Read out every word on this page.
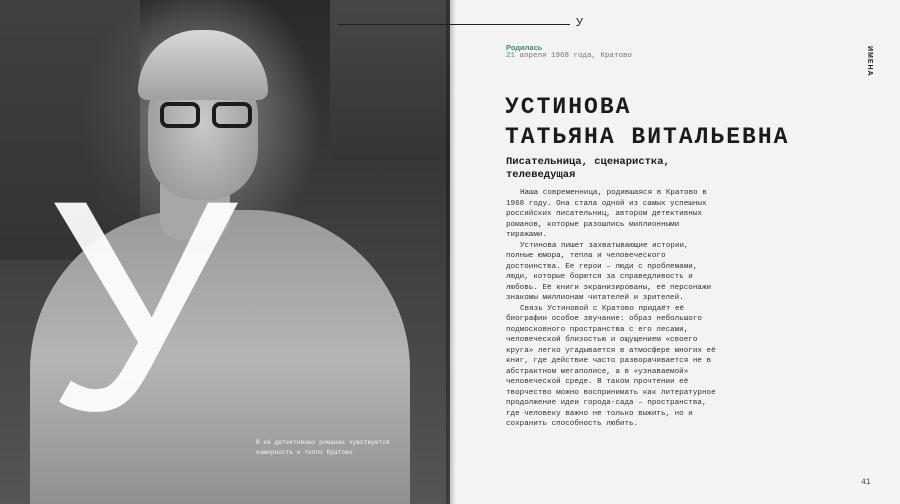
У	В её детективных романах чувствуется камерность и тепло Кратово
У
ИМЕНА
Родилась
21 апреля 1968 года, Кратово
УСТИНОВА
ТАТЬЯНА ВИТАЛЬЕВНА
Писательница, сценаристка, телеведущая

Наша современница, родившаяся в Кратово в 1968 году. Она стала одной из самых успешных российских писательниц, автором детективных романов, которые разошлись миллионными тиражами.

Устинова пишет захватывающие истории, полные юмора, тепла и человеческого достоинства. Ее герои – люди с проблемами, люди, которые борются за справедливость и любовь. Её книги экранизированы, её персонажи знакомы миллионам читателей и зрителей.

Связь Устиновой с Кратово придаёт её биографии особое звучание: образ небольшого подмосковного пространства с его лесами, человеческой близостью и ощущением «своего круга» легко угадывается в атмосфере многих её книг, где действие часто разворачивается не в абстрактном мегаполисе, а в «узнаваемой» человеческой среде. В таком прочтении её творчество можно воспринимать как литературное продолжение идеи города-сада – пространства, где человеку важно не только выжить, но и сохранить способность любить.

41
